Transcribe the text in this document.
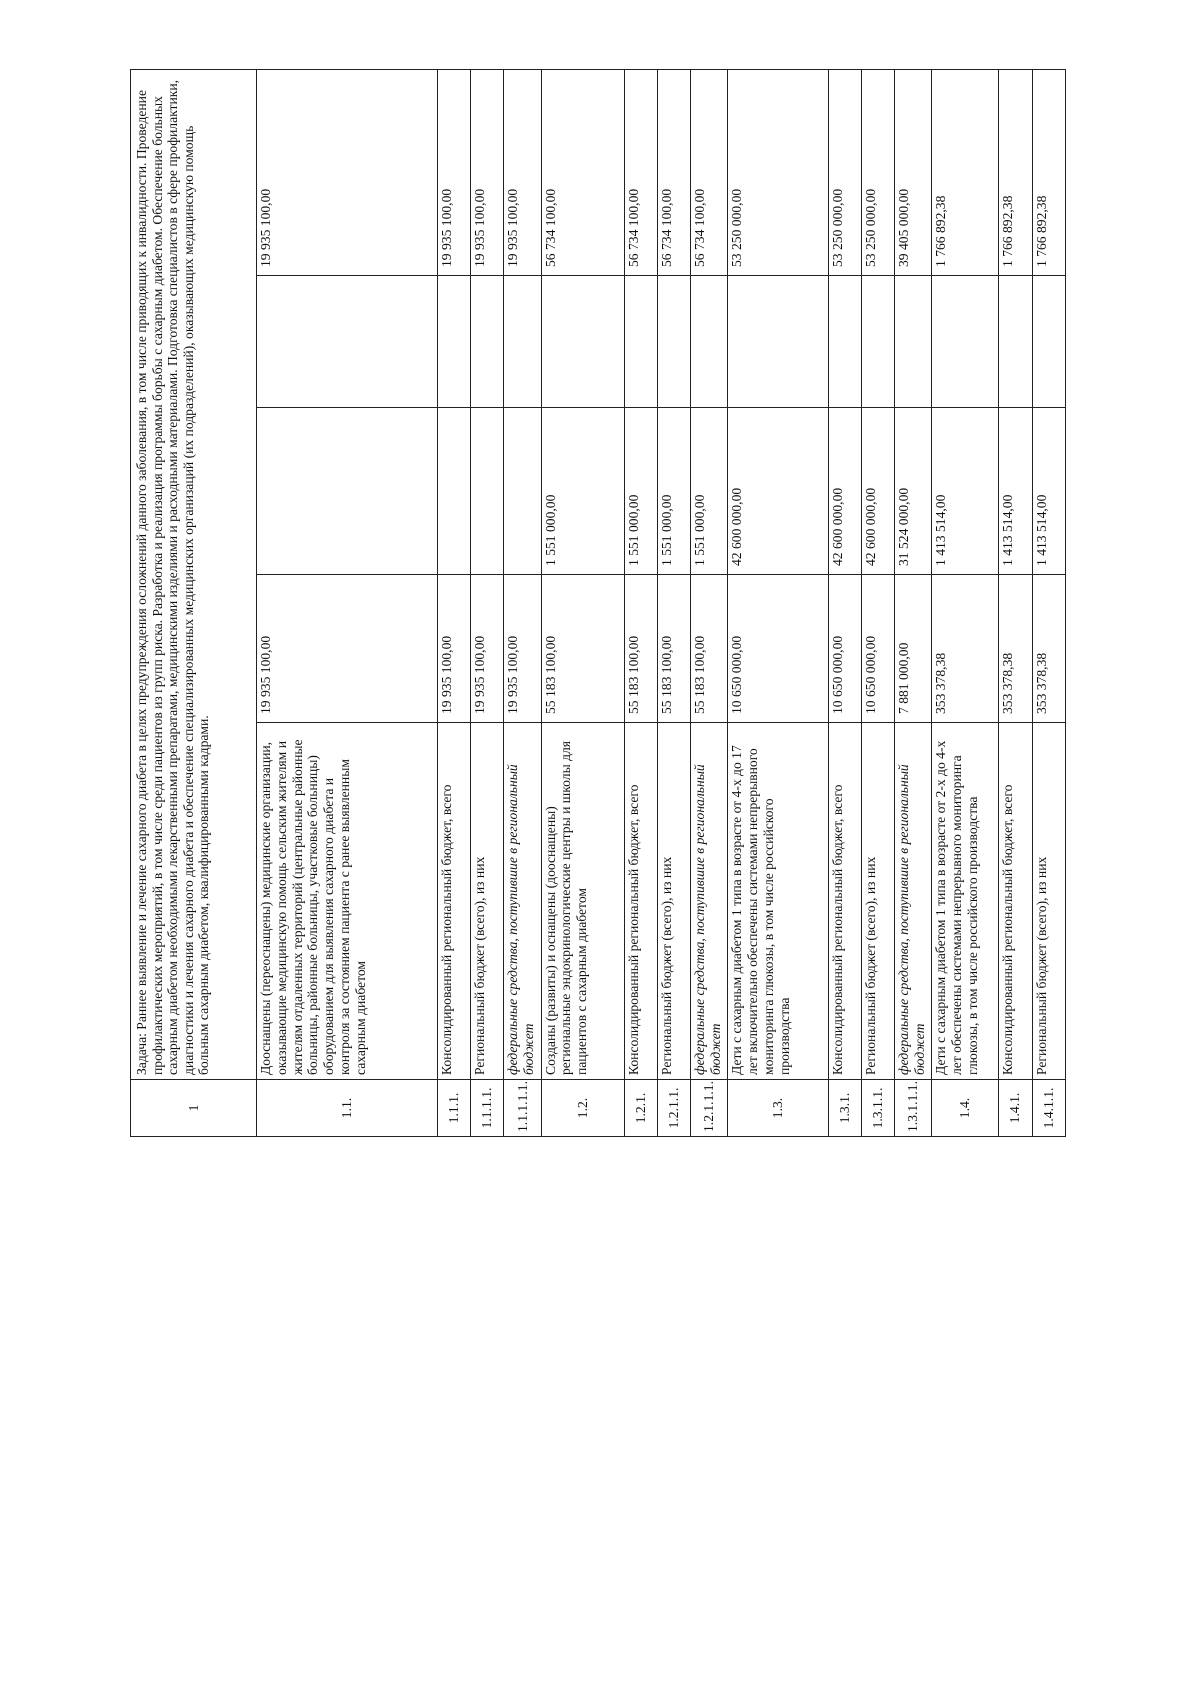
1	Задача: Раннее выявление и лечение сахарного диабета в целях предупреждения осложнений данного заболевания, в том числе приводящих к инвалидности. Проведение профилактических мероприятий, в том числе среди пациентов из групп риска. Разработка и реализация программы борьбы с сахарным диабетом. Обеспечение больных сахарным диабетом необходимыми лекарственными препаратами, медицинскими изделиями и расходными материалами. Подготовка специалистов в сфере профилактики, диагностики и лечения сахарного диабета и обеспечение специализированных медицинских организаций (их подразделений), оказывающих медицинскую помощь больным сахарным диабетом, квалифицированными кадрами.				
1.1.	Дооснащены (переоснащены) медицинские организации, оказывающие медицинскую помощь сельским жителям и жителям отдаленных территорий (центральные районные больницы, районные больницы, участковые больницы) оборудованием для выявления сахарного диабета и контроля за состоянием пациента с ранее выявленным сахарным диабетом	19 935 100,00			19 935 100,00
1.1.1.	Консолидированный региональный бюджет, всего	19 935 100,00			19 935 100,00
1.1.1.1.	Региональный бюджет (всего), из них	19 935 100,00			19 935 100,00
1.1.1.1.1.	федеральные средства, поступившие в региональный бюджет	19 935 100,00			19 935 100,00
1.2.	Созданы (развиты) и оснащены (дооснащены) региональные эндокринологические центры и школы для пациентов с сахарным диабетом	55 183 100,00	1 551 000,00		56 734 100,00
1.2.1.	Консолидированный региональный бюджет, всего	55 183 100,00	1 551 000,00		56 734 100,00
1.2.1.1.	Региональный бюджет (всего), из них	55 183 100,00	1 551 000,00		56 734 100,00
1.2.1.1.1.	федеральные средства, поступившие в региональный бюджет	55 183 100,00	1 551 000,00		56 734 100,00
1.3.	Дети с сахарным диабетом 1 типа в возрасте от 4-х до 17 лет включительно обеспечены системами непрерывного мониторинга глюкозы, в том числе российского производства	10 650 000,00	42 600 000,00		53 250 000,00
1.3.1.	Консолидированный региональный бюджет, всего	10 650 000,00	42 600 000,00		53 250 000,00
1.3.1.1.	Региональный бюджет (всего), из них	10 650 000,00	42 600 000,00		53 250 000,00
1.3.1.1.1.	федеральные средства, поступившие в региональный бюджет	7 881 000,00	31 524 000,00		39 405 000,00
1.4.	Дети с сахарным диабетом 1 типа в возрасте от 2-х до 4-х лет обеспечены системами непрерывного мониторинга глюкозы, в том числе российского производства	353 378,38	1 413 514,00		1 766 892,38
1.4.1.	Консолидированный региональный бюджет, всего	353 378,38	1 413 514,00		1 766 892,38
1.4.1.1.	Региональный бюджет (всего), из них	353 378,38	1 413 514,00		1 766 892,38
